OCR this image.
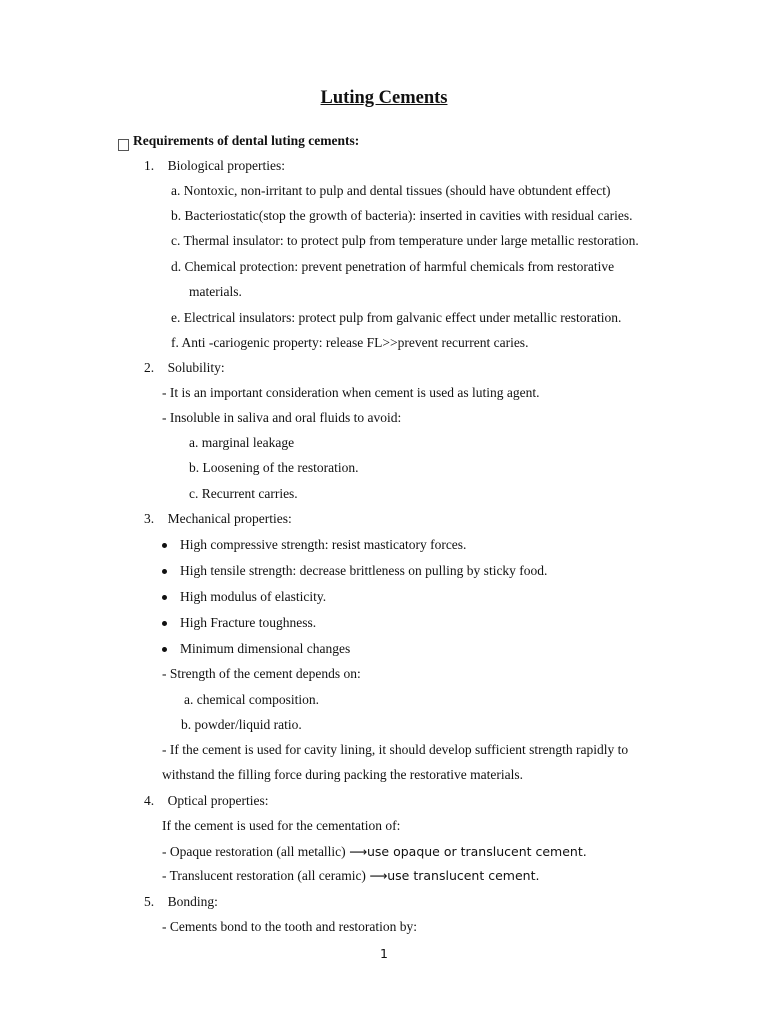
Luting Cements
Requirements of dental luting cements:
1. Biological properties:
a. Nontoxic, non-irritant to pulp and dental tissues (should have obtundent effect)
b. Bacteriostatic(stop the growth of bacteria): inserted in cavities with residual caries.
c. Thermal insulator: to protect pulp from temperature under large metallic restoration.
d. Chemical protection: prevent penetration of harmful chemicals from restorative
materials.
e. Electrical insulators: protect pulp from galvanic effect under metallic restoration.
f. Anti -cariogenic property: release FL>>prevent recurrent caries.
2. Solubility:
- It is an important consideration when cement is used as luting agent.
- Insoluble in saliva and oral fluids to avoid:
a. marginal leakage
b. Loosening of the restoration.
c. Recurrent carries.
3. Mechanical properties:
High compressive strength: resist masticatory forces.
High tensile strength: decrease brittleness on pulling by sticky food.
High modulus of elasticity.
High Fracture toughness.
Minimum dimensional changes
- Strength of the cement depends on:
a. chemical composition.
b. powder/liquid ratio.
- If the cement is used for cavity lining, it should develop sufficient strength rapidly to
withstand the filling force during packing the restorative materials.
4. Optical properties:
If the cement is used for the cementation of:
- Opaque restoration (all metallic) ⟶use opaque or translucent cement.
- Translucent restoration (all ceramic) ⟶use translucent cement.
5. Bonding:
- Cements bond to the tooth and restoration by:
1
